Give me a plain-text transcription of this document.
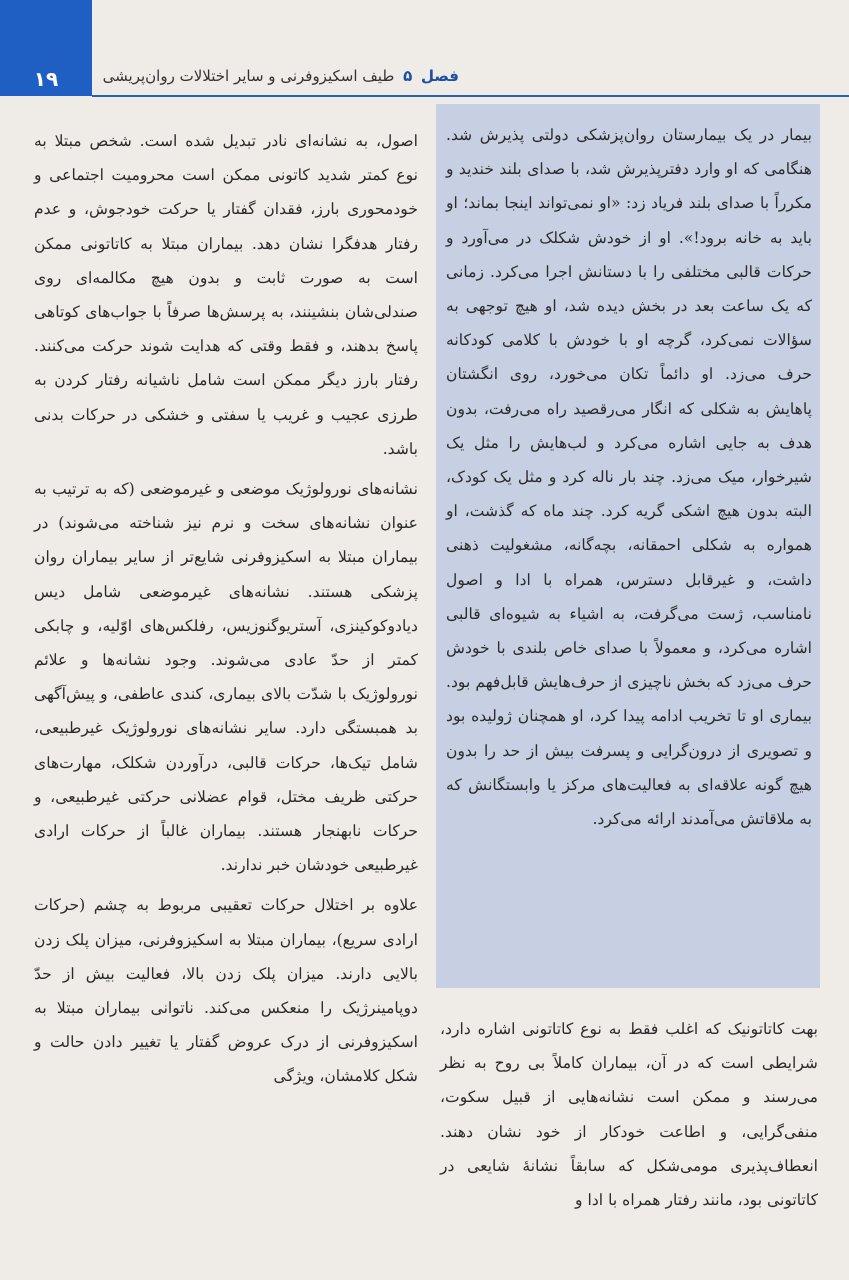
۱۹	فصل ۵ طیف اسکیزوفرنی و سایر اختلالات روان‌پریشی

بیمار در یک بیمارستان روان‌پزشکی دولتی پذیرش شد. هنگامی که او وارد دفترپذیرش شد، با صدای بلند خندید و مکرراً با صدای بلند فریاد زد: «او نمی‌تواند اینجا بماند؛ او باید به خانه برود!». او از خودش شکلک در می‌آورد و حرکات قالبی مختلفی را با دستانش اجرا می‌کرد. زمانی که یک ساعت بعد در بخش دیده شد، او هیچ توجهی به سؤالات نمی‌کرد، گرچه او با خودش با کلامی کودکانه حرف می‌زد. او دائماً تکان می‌خورد، روی انگشتان پاهایش به شکلی که انگار می‌رقصید راه می‌رفت، بدون هدف به جایی اشاره می‌کرد و لب‌هایش را مثل یک شیرخوار، میک می‌زد. چند بار ناله کرد و مثل یک کودک، البته بدون هیچ اشکی گریه کرد. چند ماه که گذشت، او همواره به شکلی احمقانه، بچه‌گانه، مشغولیت ذهنی داشت، و غیرقابل دسترس، همراه با ادا و اصول نامناسب، ژست می‌گرفت، به اشیاء به شیوه‌ای قالبی اشاره می‌کرد، و معمولاً با صدای خاص بلندی با خودش حرف می‌زد که بخش ناچیزی از حرف‌هایش قابل‌فهم بود. بیماری او تا تخریب ادامه پیدا کرد، او همچنان ژولیده بود و تصویری از درون‌گرایی و پسرفت بیش از حد را بدون هیچ گونه علاقه‌ای به فعالیت‌های مرکز یا وابستگانش که به ملاقاتش می‌آمدند ارائه می‌کرد.

بهت کاتاتونیک که اغلب فقط به نوع کاتاتونی اشاره دارد، شرایطی است که در آن، بیماران کاملاً بی روح به نظر می‌رسند و ممکن است نشانه‌هایی از قبیل سکوت، منفی‌گرایی، و اطاعت خودکار از خود نشان دهند. انعطاف‌پذیری مومی‌شکل که سابقاً نشانهٔ شایعی در کاتاتونی بود، مانند رفتار همراه با ادا و

اصول، به نشانه‌ای نادر تبدیل شده است. شخص مبتلا به نوع کمتر شدید کاتونی ممکن است محرومیت اجتماعی و خودمحوری بارز، فقدان گفتار یا حرکت خودجوش، و عدم رفتار هدفگرا نشان دهد. بیماران مبتلا به کاتاتونی ممکن است به صورت ثابت و بدون هیچ مکالمه‌ای روی صندلی‌شان بنشینند، به پرسش‌ها صرفاً با جواب‌های کوتاهی پاسخ بدهند، و فقط وقتی که هدایت شوند حرکت می‌کنند. رفتار بارز دیگر ممکن است شامل ناشیانه رفتار کردن به طرزی عجیب و غریب یا سفتی و خشکی در حرکات بدنی باشد.

نشانه‌های نورولوژیک موضعی و غیرموضعی (که به ترتیب به عنوان نشانه‌های سخت و نرم نیز شناخته می‌شوند) در بیماران مبتلا به اسکیزوفرنی شایع‌تر از سایر بیماران روان پزشکی هستند. نشانه‌های غیرموضعی شامل دیس دیادوکوکینزی، آستریوگنوزیس، رفلکس‌های اوّلیه، و چابکی کمتر از حدّ عادی می‌شوند. وجود نشانه‌ها و علائم نورولوژیک با شدّت بالای بیماری، کندی عاطفی، و پیش‌آگهی بد همبستگی دارد. سایر نشانه‌های نورولوژیک غیرطبیعی، شامل تیک‌ها، حرکات قالبی، درآوردن شکلک، مهارت‌های حرکتی ظریف مختل، قوام عضلانی حرکتی غیرطبیعی، و حرکات نابهنجار هستند. بیماران غالباً از حرکات ارادی غیرطبیعی خودشان خبر ندارند.

علاوه بر اختلال حرکات تعقیبی مربوط به چشم (حرکات ارادی سریع)، بیماران مبتلا به اسکیزوفرنی، میزان پلک زدن بالایی دارند. میزان پلک زدن بالا، فعالیت بیش از حدّ دوپامینرژیک را منعکس می‌کند. ناتوانی بیماران مبتلا به اسکیزوفرنی از درک عروض گفتار یا تغییر دادن حالت و شکل کلامشان، ویژگی
